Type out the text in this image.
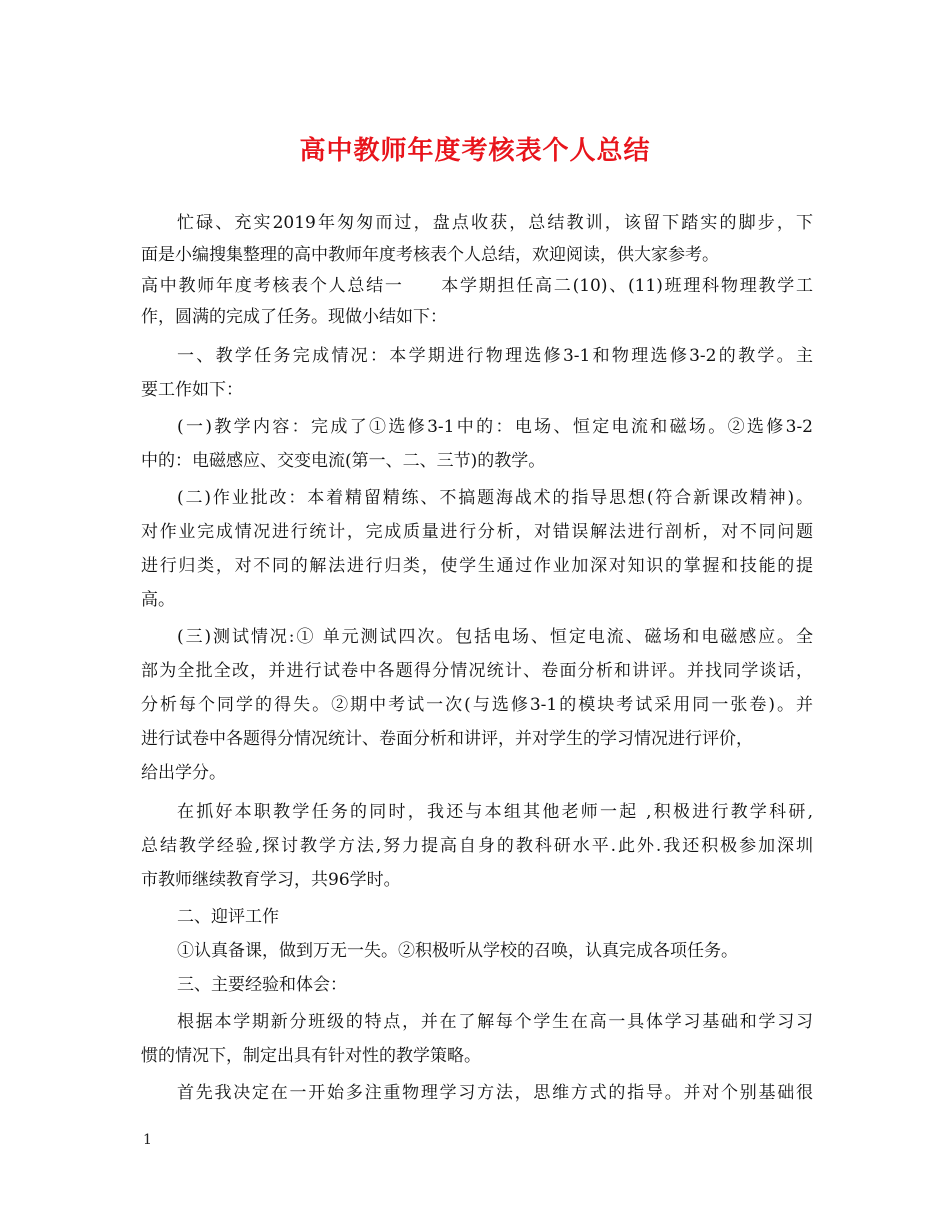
高中教师年度考核表个人总结
忙碌、充实2019年匆匆而过，盘点收获，总结教训，该留下踏实的脚步，下
面是小编搜集整理的高中教师年度考核表个人总结，欢迎阅读，供大家参考。
高中教师年度考核表个人总结一　　本学期担任高二(10)、(11)班理科物理教学工
作，圆满的完成了任务。现做小结如下：
一、教学任务完成情况：本学期进行物理选修3-1和物理选修3-2的教学。主
要工作如下：
(一)教学内容：完成了①选修3-1中的：电场、恒定电流和磁场。②选修3-2
中的：电磁感应、交变电流(第一、二、三节)的教学。
(二)作业批改：本着精留精练、不搞题海战术的指导思想(符合新课改精神)。
对作业完成情况进行统计，完成质量进行分析，对错误解法进行剖析，对不同问题
进行归类，对不同的解法进行归类，使学生通过作业加深对知识的掌握和技能的提
高。
(三)测试情况:① 单元测试四次。包括电场、恒定电流、磁场和电磁感应。全
部为全批全改，并进行试卷中各题得分情况统计、卷面分析和讲评。并找同学谈话，
分析每个同学的得失。②期中考试一次(与选修3-1的模块考试采用同一张卷)。并
进行试卷中各题得分情况统计、卷面分析和讲评，并对学生的学习情况进行评价，
给出学分。
在抓好本职教学任务的同时，我还与本组其他老师一起 ,积极进行教学科研,
总结教学经验,探讨教学方法,努力提高自身的教科研水平.此外.我还积极参加深圳
市教师继续教育学习，共96学时。
二、迎评工作
①认真备课，做到万无一失。②积极听从学校的召唤，认真完成各项任务。
三、主要经验和体会：
根据本学期新分班级的特点，并在了解每个学生在高一具体学习基础和学习习
惯的情况下，制定出具有针对性的教学策略。
首先我决定在一开始多注重物理学习方法，思维方式的指导。并对个别基础很
1
